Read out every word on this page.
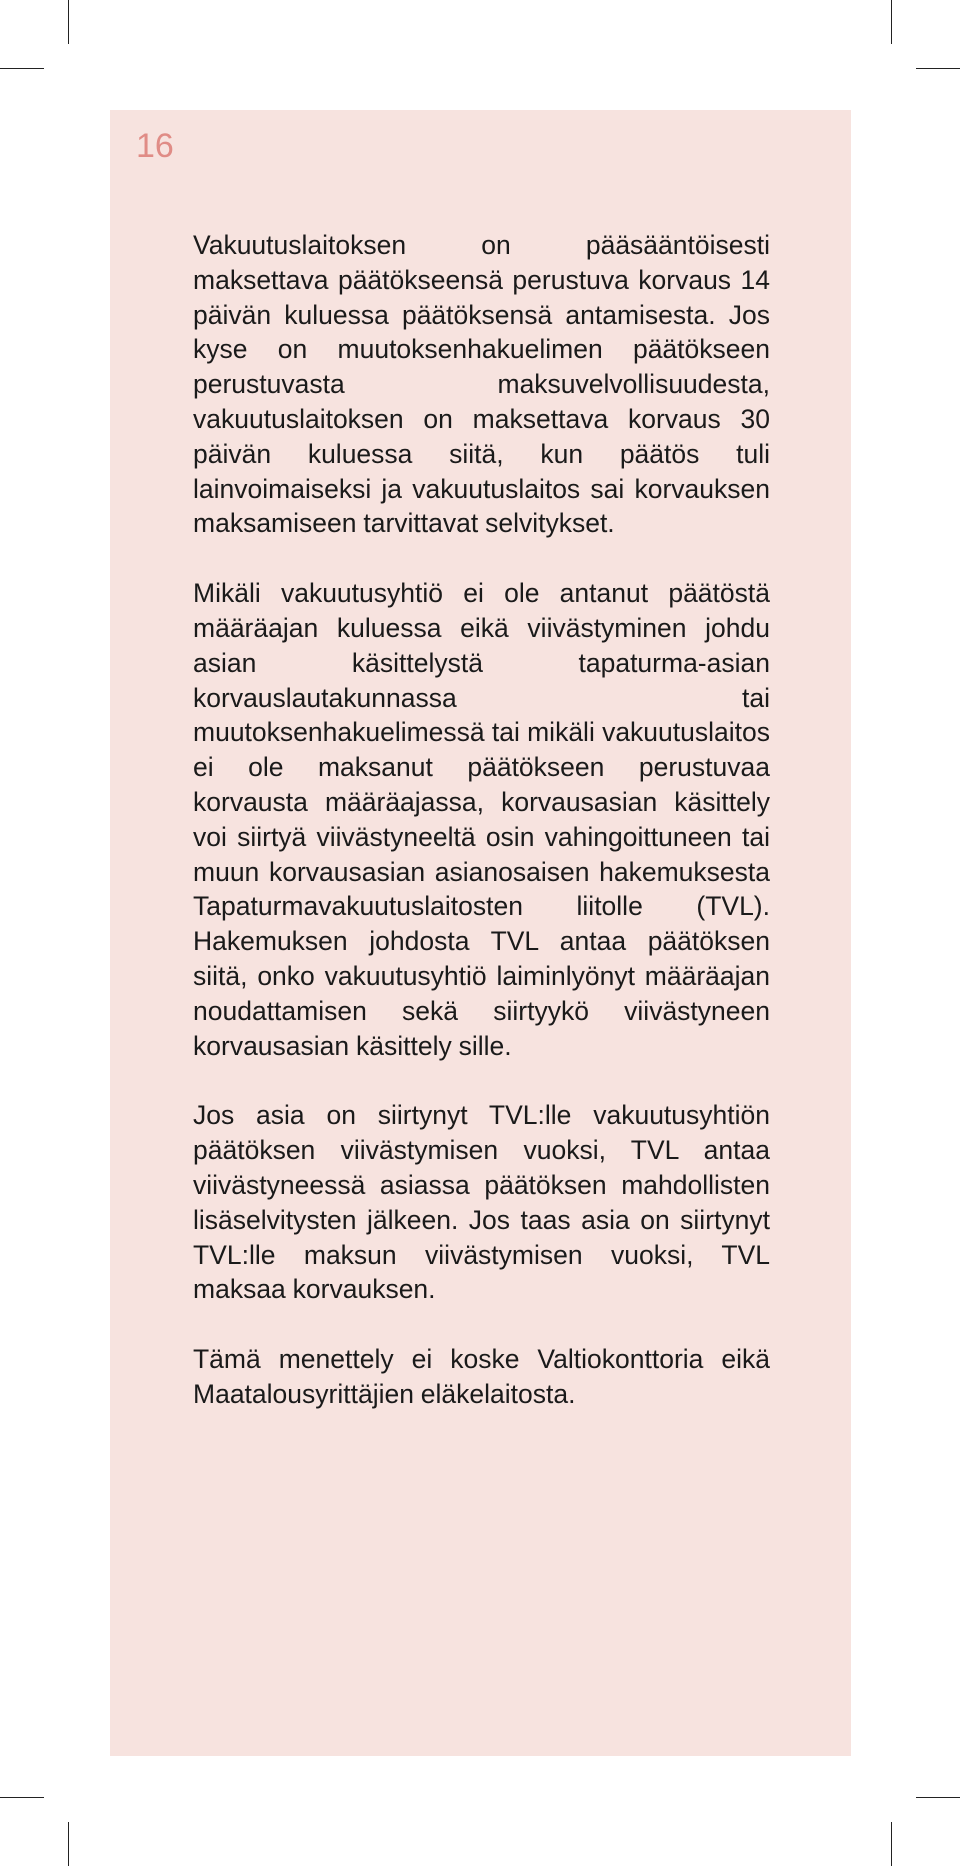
16

Vakuutuslaitoksen on pääsääntöisesti maksettava päätökseensä perustuva korvaus 14 päivän kuluessa päätöksensä antamisesta. Jos kyse on muutoksenhakuelimen päätökseen perustuvasta maksuvelvollisuudesta, vakuutuslaitoksen on maksettava korvaus 30 päivän kuluessa siitä, kun päätös tuli lainvoimaiseksi ja vakuutuslaitos sai korvauksen maksamiseen tarvittavat selvitykset.

Mikäli vakuutusyhtiö ei ole antanut päätöstä määräajan kuluessa eikä viivästyminen johdu asian käsittelystä tapaturma-asian korvauslautakunnassa tai muutoksenhakuelimessä tai mikäli vakuutuslaitos ei ole maksanut päätökseen perustuvaa korvausta määräajassa, korvausasian käsittely voi siirtyä viivästyneeltä osin vahingoittuneen tai muun korvausasian asianosaisen hakemuksesta Tapaturmavakuutuslaitosten liitolle (TVL). Hakemuksen johdosta TVL antaa päätöksen siitä, onko vakuutusyhtiö laiminlyönyt määräajan noudattamisen sekä siirtyykö viivästyneen korvausasian käsittely sille.

Jos asia on siirtynyt TVL:lle vakuutusyhtiön päätöksen viivästymisen vuoksi, TVL antaa viivästyneessä asiassa päätöksen mahdollisten lisäselvitysten jälkeen. Jos taas asia on siirtynyt TVL:lle maksun viivästymisen vuoksi, TVL maksaa korvauksen.

Tämä menettely ei koske Valtiokonttoria eikä Maatalousyrittäjien eläkelaitosta.
